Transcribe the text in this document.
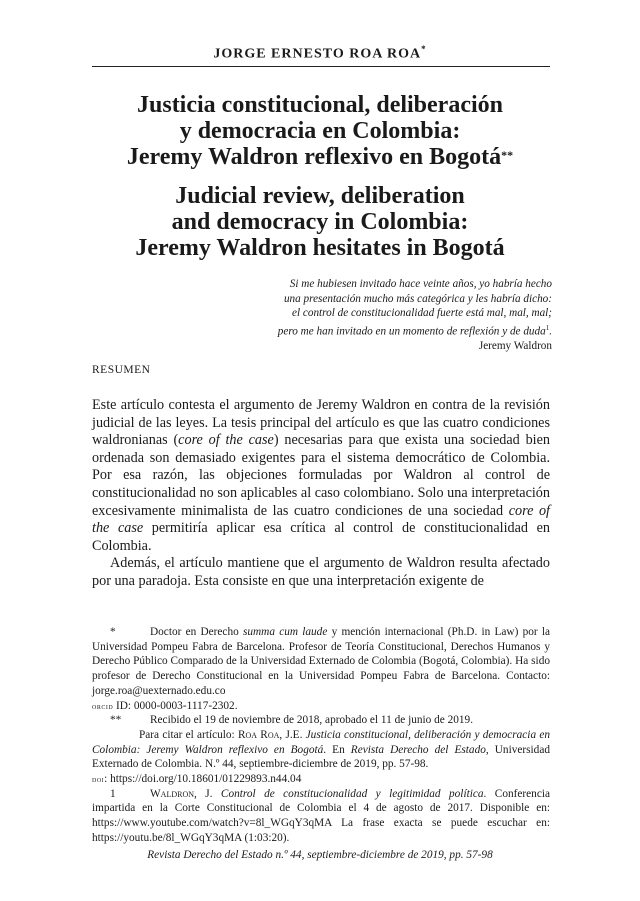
JORGE ERNESTO ROA ROA*
Justicia constitucional, deliberación
y democracia en Colombia:
Jeremy Waldron reflexivo en Bogotá**
Judicial review, deliberation
and democracy in Colombia:
Jeremy Waldron hesitates in Bogotá
Si me hubiesen invitado hace veinte años, yo habría hecho
una presentación mucho más categórica y les habría dicho:
el control de constitucionalidad fuerte está mal, mal, mal;
pero me han invitado en un momento de reflexión y de duda$^1$.
Jeremy Waldron
RESUMEN

Este artículo contesta el argumento de Jeremy Waldron en contra de la revisión judicial de las leyes. La tesis principal del artículo es que las cuatro condiciones waldronianas (core of the case) necesarias para que exista una sociedad bien ordenada son demasiado exigentes para el sistema democrático de Colombia. Por esa razón, las objeciones formuladas por Waldron al control de constitucionalidad no son aplicables al caso colombiano. Solo una interpretación excesivamente minimalista de las cuatro condiciones de una sociedad core of the case permitiría aplicar esa crítica al control de constitucionalidad en Colombia.

Además, el artículo mantiene que el argumento de Waldron resulta afectado por una paradoja. Esta consiste en que una interpretación exigente de

*	Doctor en Derecho summa cum laude y mención internacional (Ph.D. in Law) por la Universidad Pompeu Fabra de Barcelona. Profesor de Teoría Constitucional, Derechos Humanos y Derecho Público Comparado de la Universidad Externado de Colombia (Bogotá, Colombia). Ha sido profesor de Derecho Constitucional en la Universidad Pompeu Fabra de Barcelona. Contacto: jorge.roa@uexternado.edu.co
orcid ID: 0000-0003-1117-2302.
**	Recibido el 19 de noviembre de 2018, aprobado el 11 de junio de 2019.
Para citar el artículo: Roa Roa, J.E. Justicia constitucional, deliberación y democracia en Colombia: Jeremy Waldron reflexivo en Bogotá. En Revista Derecho del Estado, Universidad Externado de Colombia. N.º 44, septiembre-diciembre de 2019, pp. 57-98.
doi: https://doi.org/10.18601/01229893.n44.04
1	Waldron, J. Control de constitucionalidad y legitimidad política. Conferencia impartida en la Corte Constitucional de Colombia el 4 de agosto de 2017. Disponible en: https://www.youtube.com/watch?v=8l_WGqY3qMA La frase exacta se puede escuchar en: https://youtu.be/8l_WGqY3qMA (1:03:20).
Revista Derecho del Estado n.º 44, septiembre-diciembre de 2019, pp. 57-98
